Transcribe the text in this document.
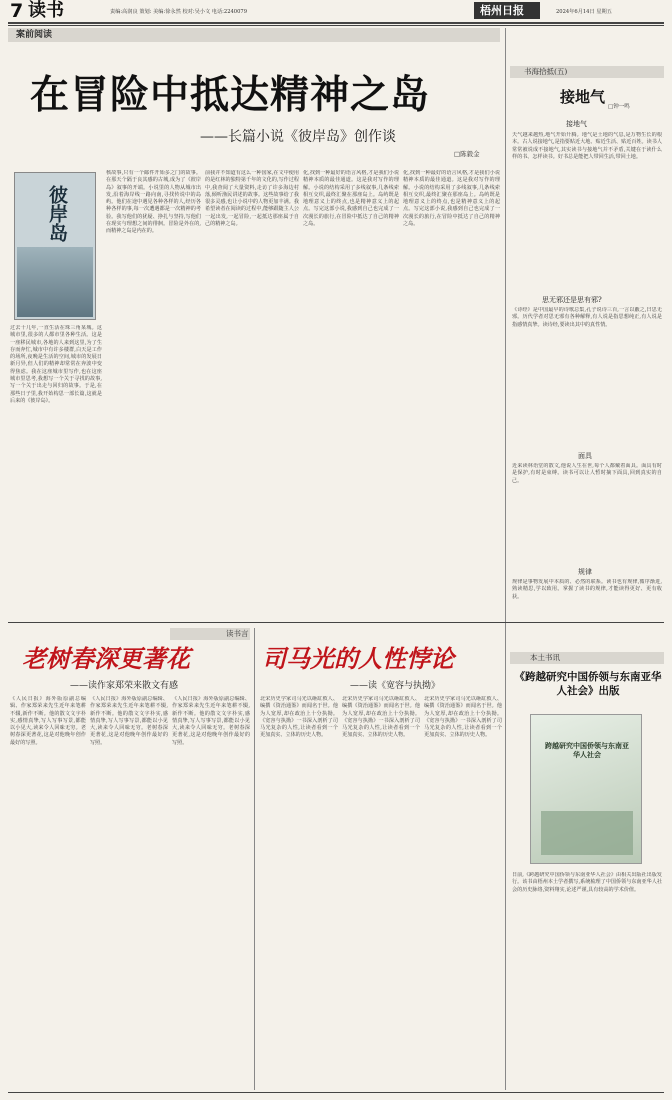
7 读书	责编:高润良 策划: 美编:徐永然 校对:吴小文 电话:2240079	梧州日报	2024年6月14日 星期五
案前阅读
在冒险中抵达精神之岛
——长篇小说《彼岸岛》创作谈
□陈毅金
彼岸岛
过去十几年,一直生活在珠三角某城。这城市里,很多的人都市里各种生活。这是一座移民城市,各地的人来到这里,为了生存而奔忙,城市中有许多楼群,白天是工作的场所,夜晚是生活的空间,城市的发展日新月异,但人们的精神却常常在奔波中变得焦虑。我在这座城市里写作,也在这座城市里思考,我想写一个关于寻找的故事,写一个关于出走与回归的故事。于是,在那些日子里,我开始构思一部长篇,这就是后来的《彼岸岛》。
核故事,只有一个邮件开始多之门的故事。在那天个隔于良其感的古城,成为了《彼岸岛》叙事的开端。小说里的人物从城市出发,沿着海岸线一路向南,寻找传说中的岛屿。他们在途中遇见各种各样的人,经历各种各样的事,每一次遭遇都是一次精神的考验。我写他们的犹疑、挣扎与坚持,写他们在现实与理想之间的徘徊。冒险是外在的,而精神之岛是内在的。
前我并不知道有这么一种国家,在文中使用的是红林的独特第千年的文化的,写作过程中,我查阅了大量资料,走访了许多海边村落,倾听渔民讲述的故事。这些故事给了我很多灵感,也让小说中的人物更加丰满。我希望读者在阅读的过程中,能够跟随主人公一起出发,一起冒险,一起抵达那座属于自己的精神之岛。
化,找到一种最好的语言风格,才是我们小说精神本质的最佳通道。这是我对写作的理解。小说的结构采用了多线叙事,几条线索相互交织,最终汇聚在那座岛上。岛屿既是地理意义上的终点,也是精神意义上的起点。写完这部小说,我感到自己也完成了一次漫长的旅行,在冒险中抵达了自己的精神之岛。
化,找到一种最好的语言风格,才是我们小说精神本质的最佳通道。这是我对写作的理解。小说的结构采用了多线叙事,几条线索相互交织,最终汇聚在那座岛上。岛屿既是地理意义上的终点,也是精神意义上的起点。写完这部小说,我感到自己也完成了一次漫长的旅行,在冒险中抵达了自己的精神之岛。
书海拾抵(五)
接地气
□钟一鸣
接地气
天气越来越热,地气开始升腾。地气是土地的气息,是万物生长的根本。古人说接地气,是指要贴近大地、贴近生活、贴近百姓。读书人常常被说成不接地气,其实读书与接地气并不矛盾,关键在于读什么样的书、怎样读书。好书总是能把人带回生活,带回土地。
思无邪还是思有邪?
《诗经》是中国最早的诗歌总集,孔子说诗三百,一言以蔽之,曰思无邪。历代学者对思无邪有各种解释,有人说是指思想纯正,有人说是指感情真挚。读诗经,要读出其中的真性情。
面具
近来读林语堂的散文,他说人生在世,每个人都戴着面具。面具有时是保护,有时是束缚。读书可以让人暂时摘下面具,回到真实的自己。
规律
规律是事物发展中本质的、必然的联系。读书也有规律,循序渐进,熟读精思,学以致用。掌握了读书的规律,才能读得更好、更有收获。
读书言
老树春深更著花
——读作家郑荣来散文有感
《人民日报》海外版原副总编辑、作家郑荣来先生近年来笔耕不辍,新作不断。他的散文文字朴实,感情真挚,写人写事写景,都能以小见大,读来令人回味无穷。老树春深更著花,这是对他晚年创作最好的写照。
《人民日报》海外版原副总编辑、作家郑荣来先生近年来笔耕不辍,新作不断。他的散文文字朴实,感情真挚,写人写事写景,都能以小见大,读来令人回味无穷。老树春深更著花,这是对他晚年创作最好的写照。
《人民日报》海外版原副总编辑、作家郑荣来先生近年来笔耕不辍,新作不断。他的散文文字朴实,感情真挚,写人写事写景,都能以小见大,读来令人回味无穷。老树春深更著花,这是对他晚年创作最好的写照。
司马光的人性悖论
——读《宽容与执拗》
北宋历史学家司马光以砸缸救人、编撰《资治通鉴》而闻名于世。他为人宽厚,却在政治上十分执拗。《宽容与执拗》一书深入剖析了司马光复杂的人性,让读者看到一个更加真实、立体的历史人物。
北宋历史学家司马光以砸缸救人、编撰《资治通鉴》而闻名于世。他为人宽厚,却在政治上十分执拗。《宽容与执拗》一书深入剖析了司马光复杂的人性,让读者看到一个更加真实、立体的历史人物。
北宋历史学家司马光以砸缸救人、编撰《资治通鉴》而闻名于世。他为人宽厚,却在政治上十分执拗。《宽容与执拗》一书深入剖析了司马光复杂的人性,让读者看到一个更加真实、立体的历史人物。
本土书讯
《跨越研究中国侨领与东南亚华人社会》出版
跨越研究中国侨领与东南亚华人社会
日前,《跨越研究中国侨领与东南亚华人社会》由相关出版社出版发行。该书由梧州本土学者撰写,系统梳理了中国侨领与东南亚华人社会的历史脉络,资料翔实,论述严谨,具有较高的学术价值。
